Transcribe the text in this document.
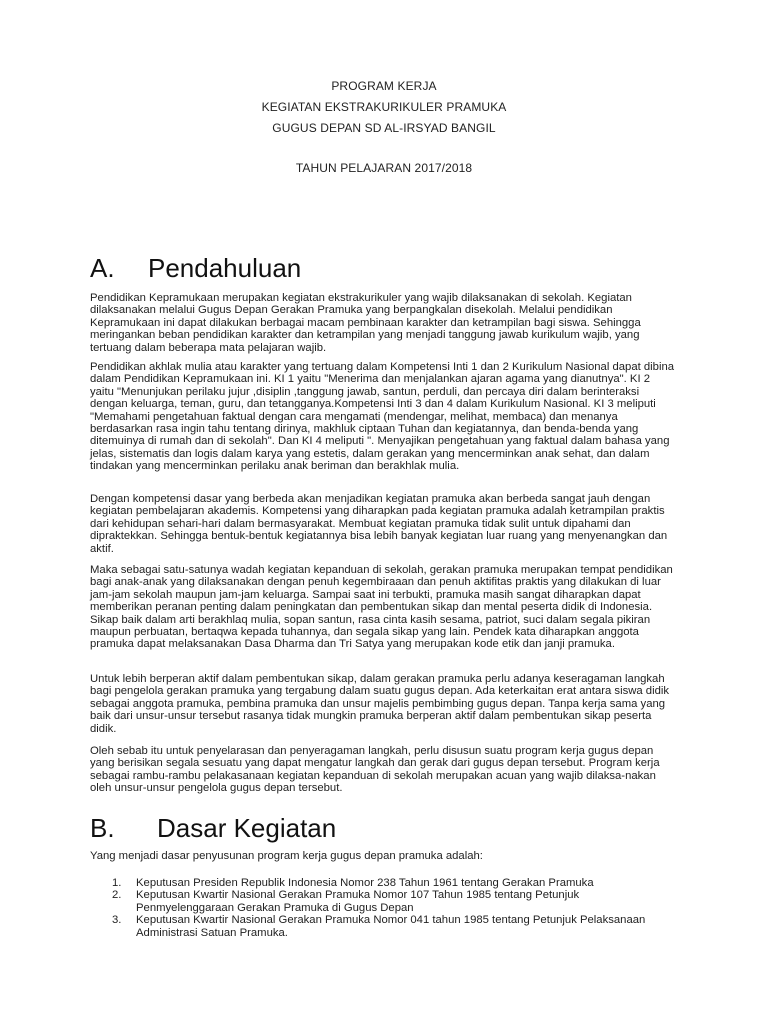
PROGRAM KERJA
KEGIATAN EKSTRAKURIKULER PRAMUKA
GUGUS DEPAN SD AL-IRSYAD BANGIL
TAHUN PELAJARAN 2017/2018
A. Pendahuluan

Pendidikan Kepramukaan merupakan kegiatan ekstrakurikuler yang wajib dilaksanakan di sekolah. Kegiatan dilaksanakan melalui Gugus Depan Gerakan Pramuka yang berpangkalan disekolah. Melalui pendidikan Kepramukaan ini dapat dilakukan berbagai macam pembinaan karakter dan ketrampilan bagi siswa. Sehingga meringankan beban pendidikan karakter dan ketrampilan yang menjadi tanggung jawab kurikulum wajib, yang tertuang dalam beberapa mata pelajaran wajib.

Pendidikan akhlak mulia atau karakter yang tertuang dalam Kompetensi Inti 1 dan 2 Kurikulum Nasional dapat dibina dalam Pendidikan Kepramukaan ini. KI 1 yaitu "Menerima dan menjalankan ajaran agama yang dianutnya". KI 2 yaitu "Menunjukan perilaku jujur ,disiplin ,tanggung jawab, santun, perduli, dan percaya diri dalam berinteraksi dengan keluarga, teman, guru, dan tetangganya.Kompetensi Inti 3 dan 4 dalam Kurikulum Nasional. KI 3 meliputi "Memahami pengetahuan faktual dengan cara mengamati (mendengar, melihat, membaca) dan menanya berdasarkan rasa ingin tahu tentang dirinya, makhluk ciptaan Tuhan dan kegiatannya, dan benda-benda yang ditemuinya di rumah dan di sekolah". Dan KI 4 meliputi ". Menyajikan pengetahuan yang faktual dalam bahasa yang jelas, sistematis dan logis dalam karya yang estetis, dalam gerakan yang mencerminkan anak sehat, dan dalam tindakan yang mencerminkan perilaku anak beriman dan berakhlak mulia.

Dengan kompetensi dasar yang berbeda akan menjadikan kegiatan pramuka akan berbeda sangat jauh dengan kegiatan pembelajaran akademis. Kompetensi yang diharapkan pada kegiatan pramuka adalah ketrampilan praktis dari kehidupan sehari-hari dalam bermasyarakat. Membuat kegiatan pramuka tidak sulit untuk dipahami dan dipraktekkan. Sehingga bentuk-bentuk kegiatannya bisa lebih banyak kegiatan luar ruang yang menyenangkan dan aktif.

Maka sebagai satu-satunya wadah kegiatan kepanduan di sekolah, gerakan pramuka merupakan tempat pendidikan bagi anak-anak yang dilaksanakan dengan penuh kegembiraaan dan penuh aktifitas praktis yang dilakukan di luar jam-jam sekolah maupun jam-jam keluarga. Sampai saat ini terbukti, pramuka masih sangat diharapkan dapat memberikan peranan penting dalam peningkatan dan pembentukan sikap dan mental peserta didik di Indonesia. Sikap baik dalam arti berakhlaq mulia, sopan santun, rasa cinta kasih sesama, patriot, suci dalam segala pikiran maupun perbuatan, bertaqwa kepada tuhannya, dan segala sikap yang lain. Pendek kata diharapkan anggota pramuka dapat melaksanakan Dasa Dharma dan Tri Satya yang merupakan kode etik dan janji pramuka.

Untuk lebih berperan aktif dalam pembentukan sikap, dalam gerakan pramuka perlu adanya keseragaman langkah bagi pengelola gerakan pramuka yang tergabung dalam suatu gugus depan. Ada keterkaitan erat antara siswa didik sebagai anggota pramuka, pembina pramuka dan unsur majelis pembimbing gugus depan. Tanpa kerja sama yang baik dari unsur-unsur tersebut rasanya tidak mungkin pramuka berperan aktif dalam pembentukan sikap peserta didik.

Oleh sebab itu untuk penyelarasan dan penyeragaman langkah, perlu disusun suatu program kerja gugus depan yang berisikan segala sesuatu yang dapat mengatur langkah dan gerak dari gugus depan tersebut. Program kerja sebagai rambu-rambu pelakasanaan kegiatan kepanduan di sekolah merupakan acuan yang wajib dilaksa-nakan oleh unsur-unsur pengelola gugus depan tersebut.

B. Dasar Kegiatan

Yang menjadi dasar penyusunan program kerja gugus depan pramuka adalah:

1. Keputusan Presiden Republik Indonesia Nomor 238 Tahun 1961 tentang Gerakan Pramuka
2. Keputusan Kwartir Nasional Gerakan Pramuka Nomor 107 Tahun 1985 tentang Petunjuk Penmyelenggaraan Gerakan Pramuka di Gugus Depan
3. Keputusan Kwartir Nasional Gerakan Pramuka Nomor 041 tahun 1985 tentang Petunjuk Pelaksanaan Administrasi Satuan Pramuka.
